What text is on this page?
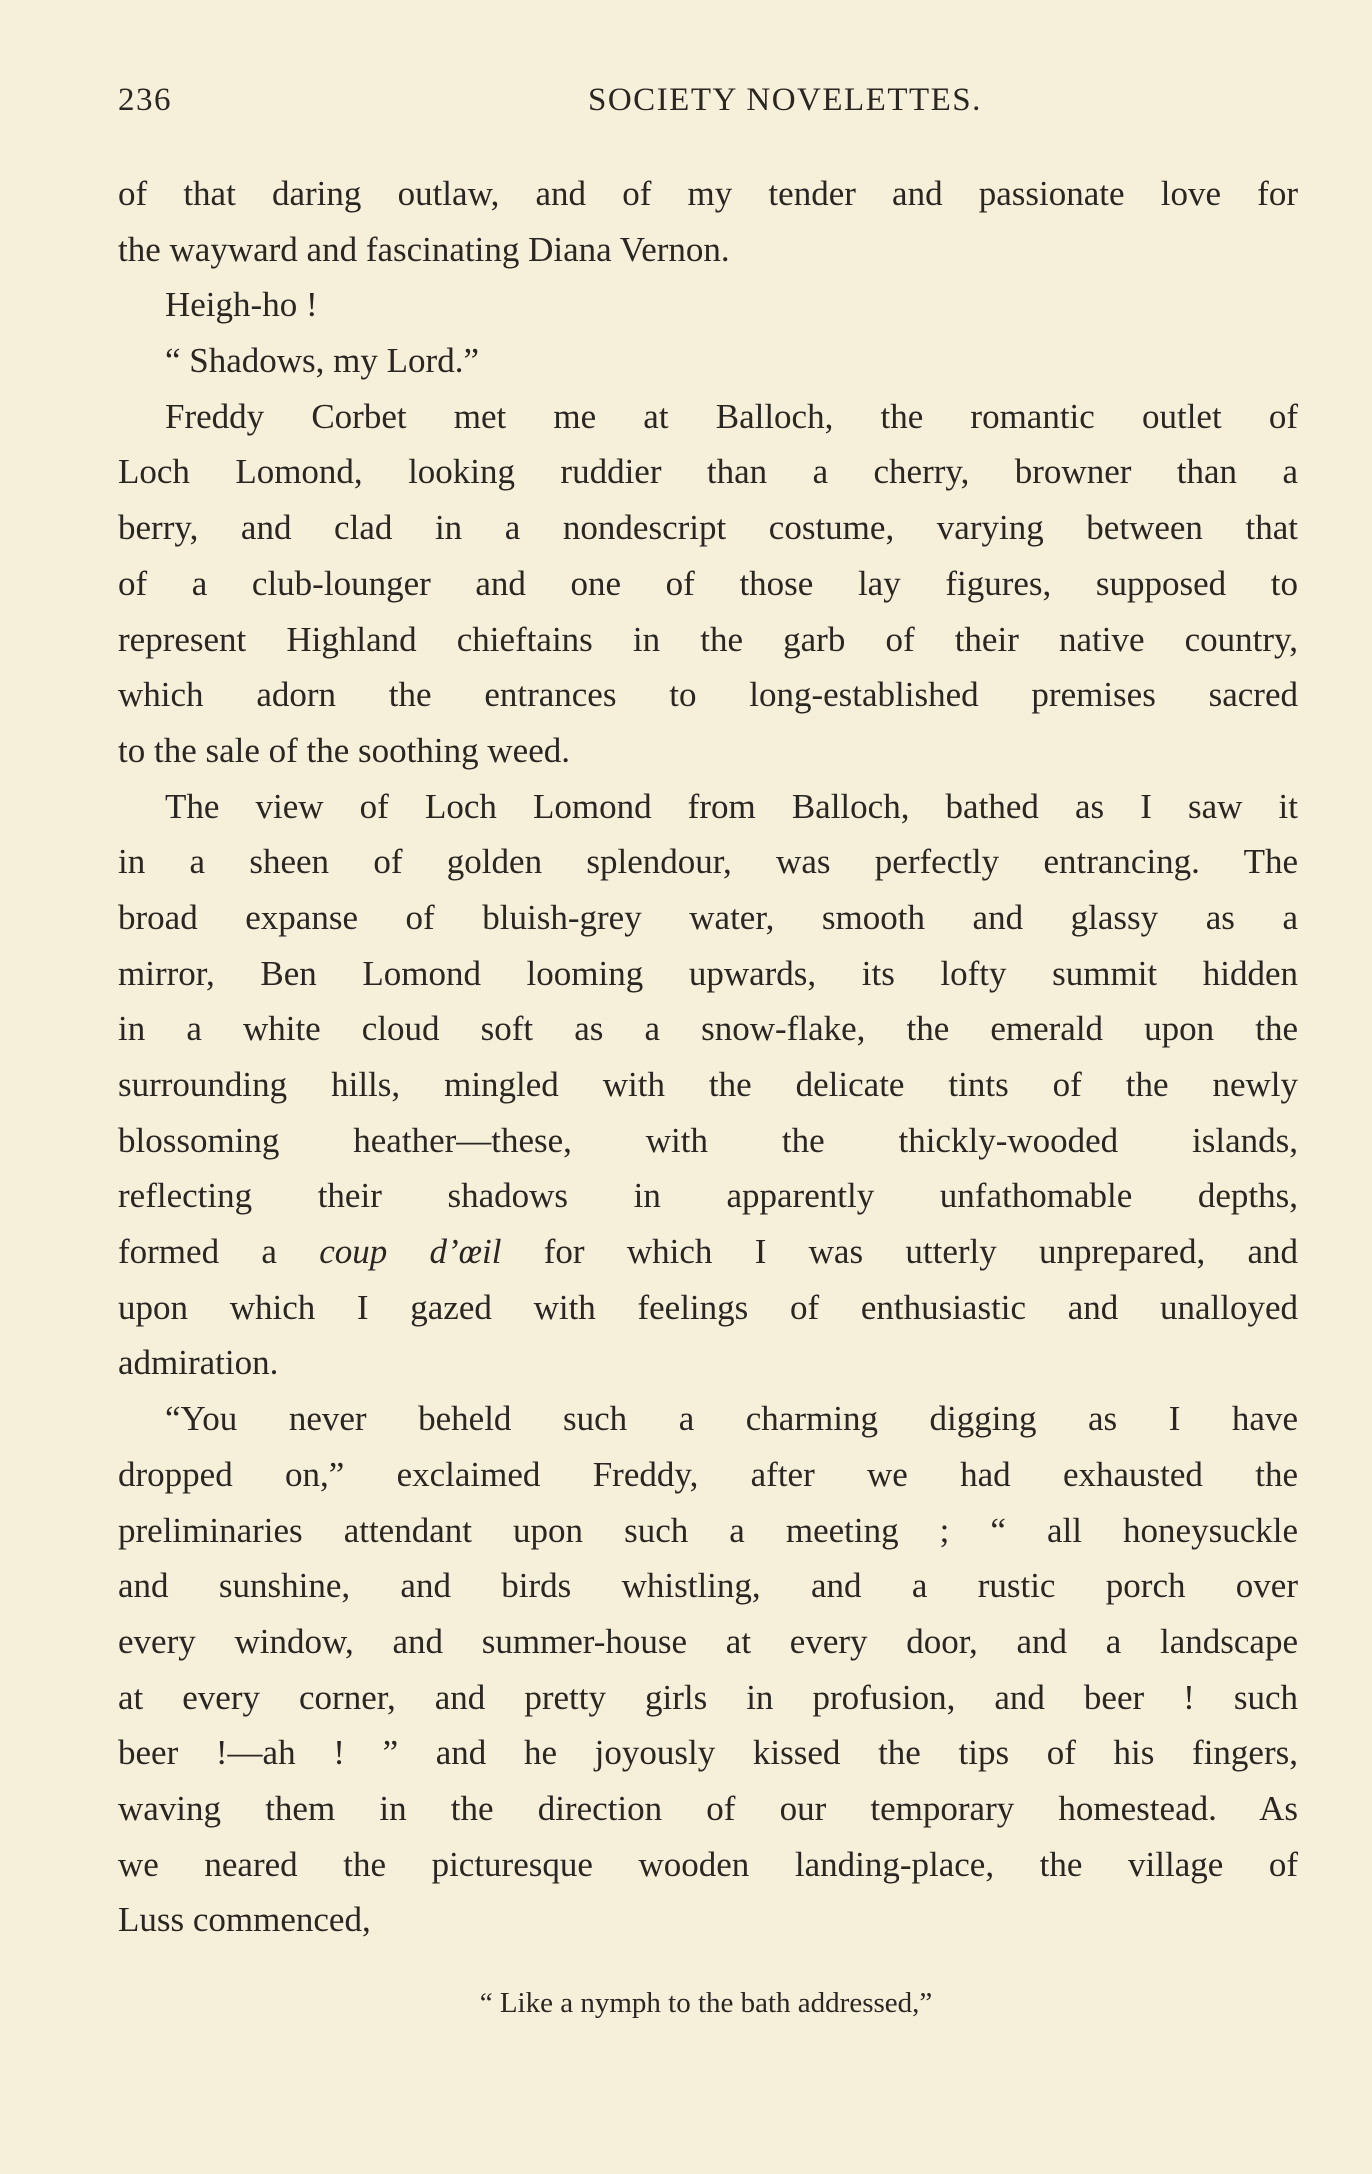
236	SOCIETY NOVELETTES.
of that daring outlaw, and of my tender and passionate love for
the wayward and fascinating Diana Vernon.
Heigh-ho !
“ Shadows, my Lord.”
Freddy Corbet met me at Balloch, the romantic outlet of
Loch Lomond, looking ruddier than a cherry, browner than a
berry, and clad in a nondescript costume, varying between that
of a club-lounger and one of those lay figures, supposed to
represent Highland chieftains in the garb of their native country,
which adorn the entrances to long-established premises sacred
to the sale of the soothing weed.
The view of Loch Lomond from Balloch, bathed as I saw it
in a sheen of golden splendour, was perfectly entrancing. The
broad expanse of bluish-grey water, smooth and glassy as a
mirror, Ben Lomond looming upwards, its lofty summit hidden
in a white cloud soft as a snow-flake, the emerald upon the
surrounding hills, mingled with the delicate tints of the newly
blossoming heather—these, with the thickly-wooded islands,
reflecting their shadows in apparently unfathomable depths,
formed a coup d’œil for which I was utterly unprepared, and
upon which I gazed with feelings of enthusiastic and unalloyed
admiration.
“You never beheld such a charming digging as I have
dropped on,” exclaimed Freddy, after we had exhausted the
preliminaries attendant upon such a meeting ; “ all honeysuckle
and sunshine, and birds whistling, and a rustic porch over
every window, and summer-house at every door, and a landscape
at every corner, and pretty girls in profusion, and beer ! such
beer !—ah ! ” and he joyously kissed the tips of his fingers,
waving them in the direction of our temporary homestead. As
we neared the picturesque wooden landing-place, the village of
Luss commenced,
“ Like a nymph to the bath addressed,”
